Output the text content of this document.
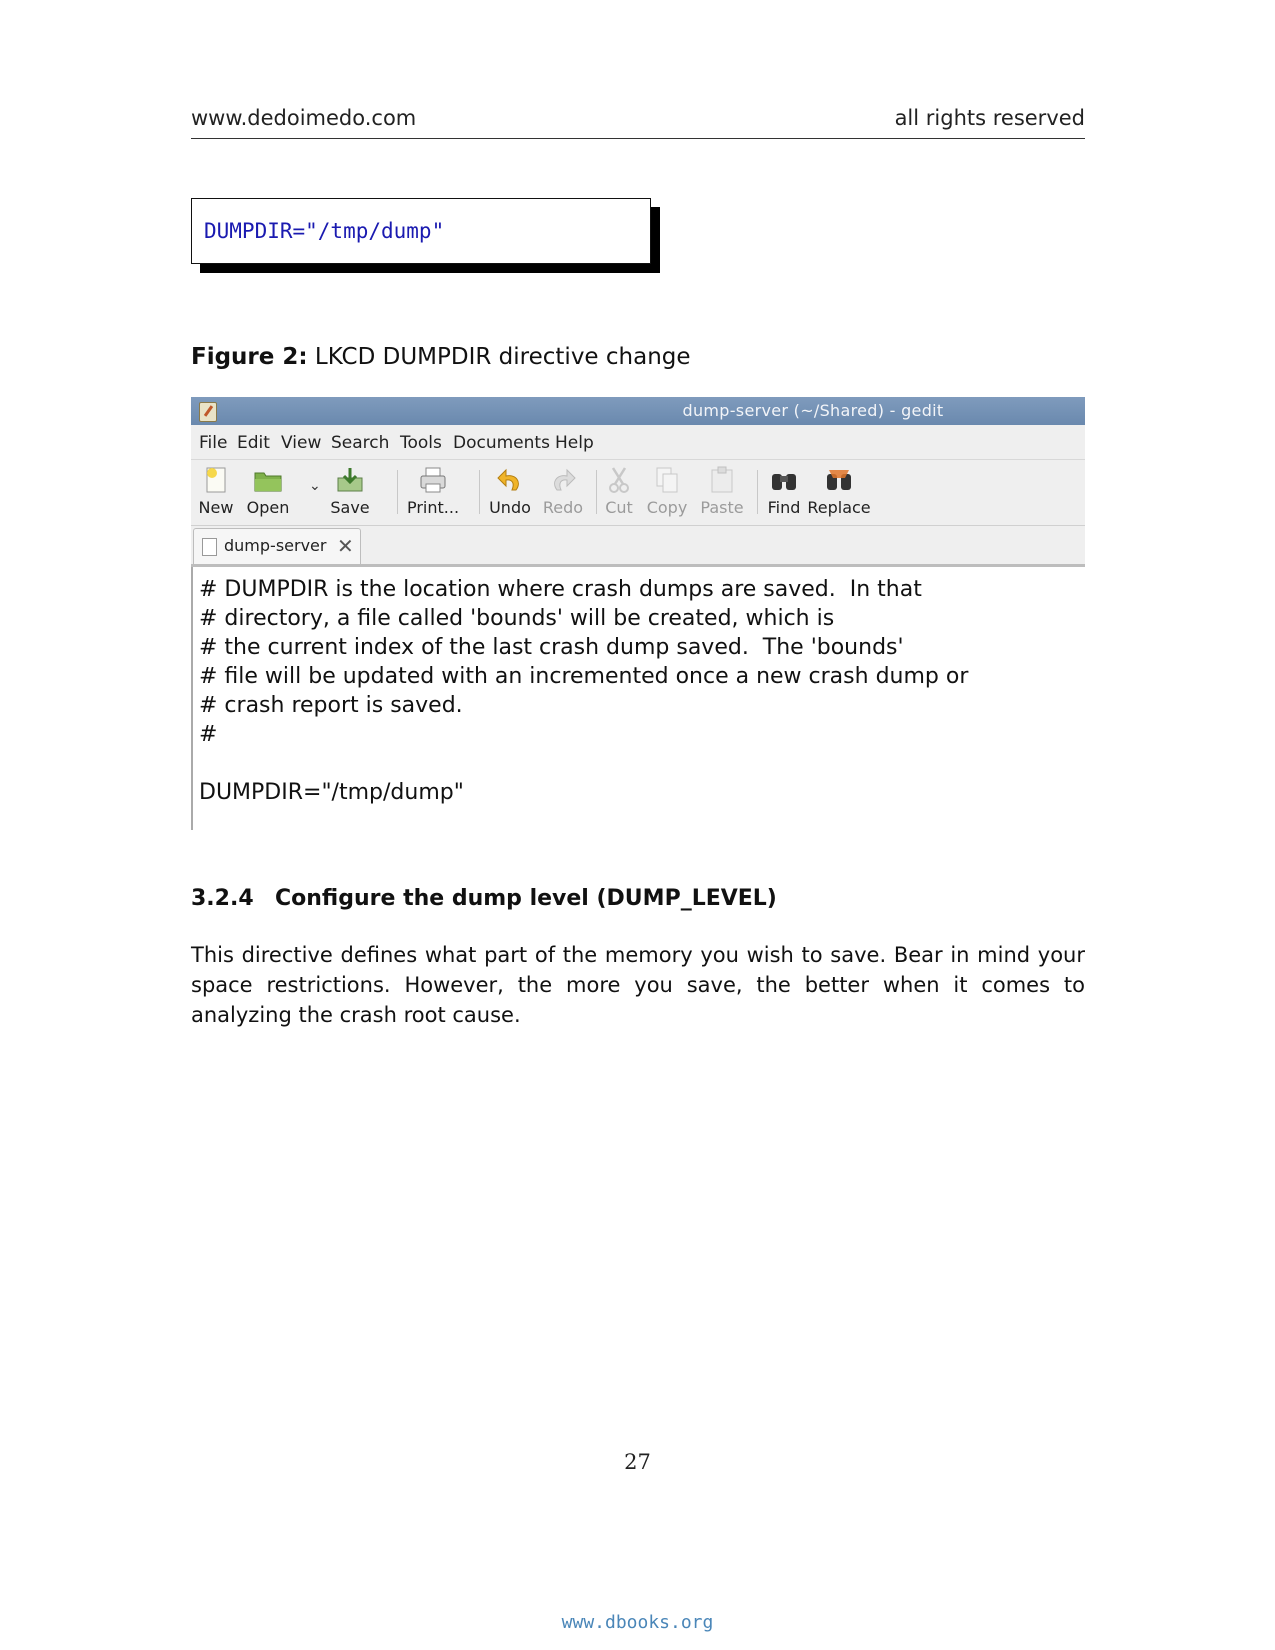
www.dedoimedo.com	all rights reserved
DUMPDIR="/tmp/dump"
Figure 2: LKCD DUMPDIR directive change
dump-server (~/Shared) - gedit
File Edit View Search Tools Documents Help
New Open
⌄
Save Print... Undo Redo Cut Copy Paste Find Replace
dump-server ✕
# DUMPDIR is the location where crash dumps are saved.  In that
# directory, a file called 'bounds' will be created, which is
# the current index of the last crash dump saved.  The 'bounds'
# file will be updated with an incremented once a new crash dump or
# crash report is saved.
#
DUMPDIR="/tmp/dump"
3.2.4 Configure the dump level (DUMP_LEVEL)
This directive defines what part of the memory you wish to save. Bear in mind your space restrictions. However, the more you save, the better when it comes to analyzing the crash root cause.
27
www.dbooks.org
